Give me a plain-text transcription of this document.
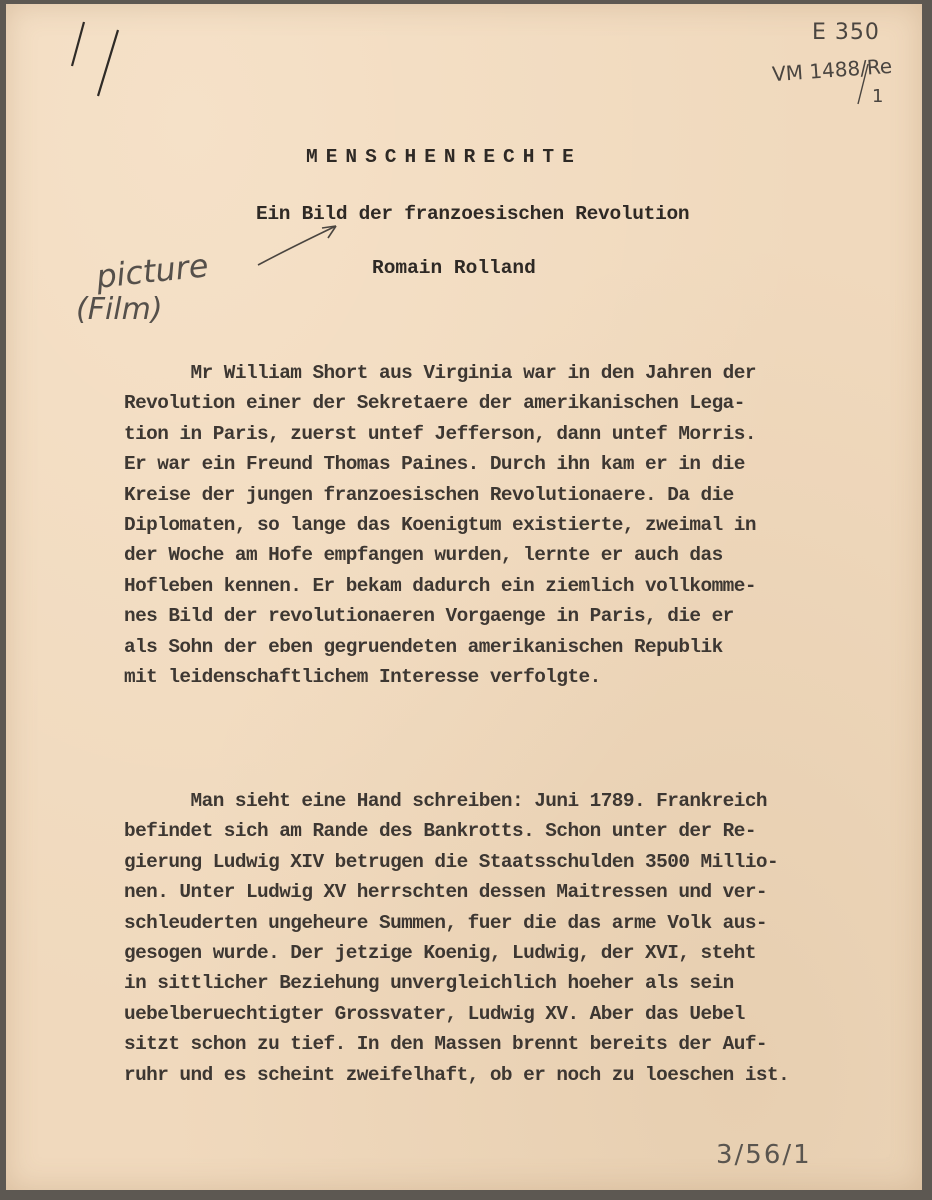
E 350
VM 1488/Re
1
picture
(Film)
MENSCHENRECHTE
Ein Bild der franzoesischen Revolution
Romain Rolland
Mr William Short aus Virginia war in den Jahren der
Revolution einer der Sekretaere der amerikanischen Lega-
tion in Paris, zuerst untef Jefferson, dann untef Morris.
Er war ein Freund Thomas Paines. Durch ihn kam er in die
Kreise der jungen franzoesischen Revolutionaere. Da die
Diplomaten, so lange das Koenigtum existierte, zweimal in
der Woche am Hofe empfangen wurden, lernte er auch das
Hofleben kennen. Er bekam dadurch ein ziemlich vollkomme-
nes Bild der revolutionaeren Vorgaenge in Paris, die er
als Sohn der eben gegruendeten amerikanischen Republik
mit leidenschaftlichem Interesse verfolgte.
Man sieht eine Hand schreiben: Juni 1789. Frankreich
befindet sich am Rande des Bankrotts. Schon unter der Re-
gierung Ludwig XIV betrugen die Staatsschulden 3500 Millio-
nen. Unter Ludwig XV herrschten dessen Maitressen und ver-
schleuderten ungeheure Summen, fuer die das arme Volk aus-
gesogen wurde. Der jetzige Koenig, Ludwig, der XVI, steht
in sittlicher Beziehung unvergleichlich hoeher als sein
uebelberuechtigter Grossvater, Ludwig XV. Aber das Uebel
sitzt schon zu tief. In den Massen brennt bereits der Auf-
ruhr und es scheint zweifelhaft, ob er noch zu loeschen ist.
3/56/1
